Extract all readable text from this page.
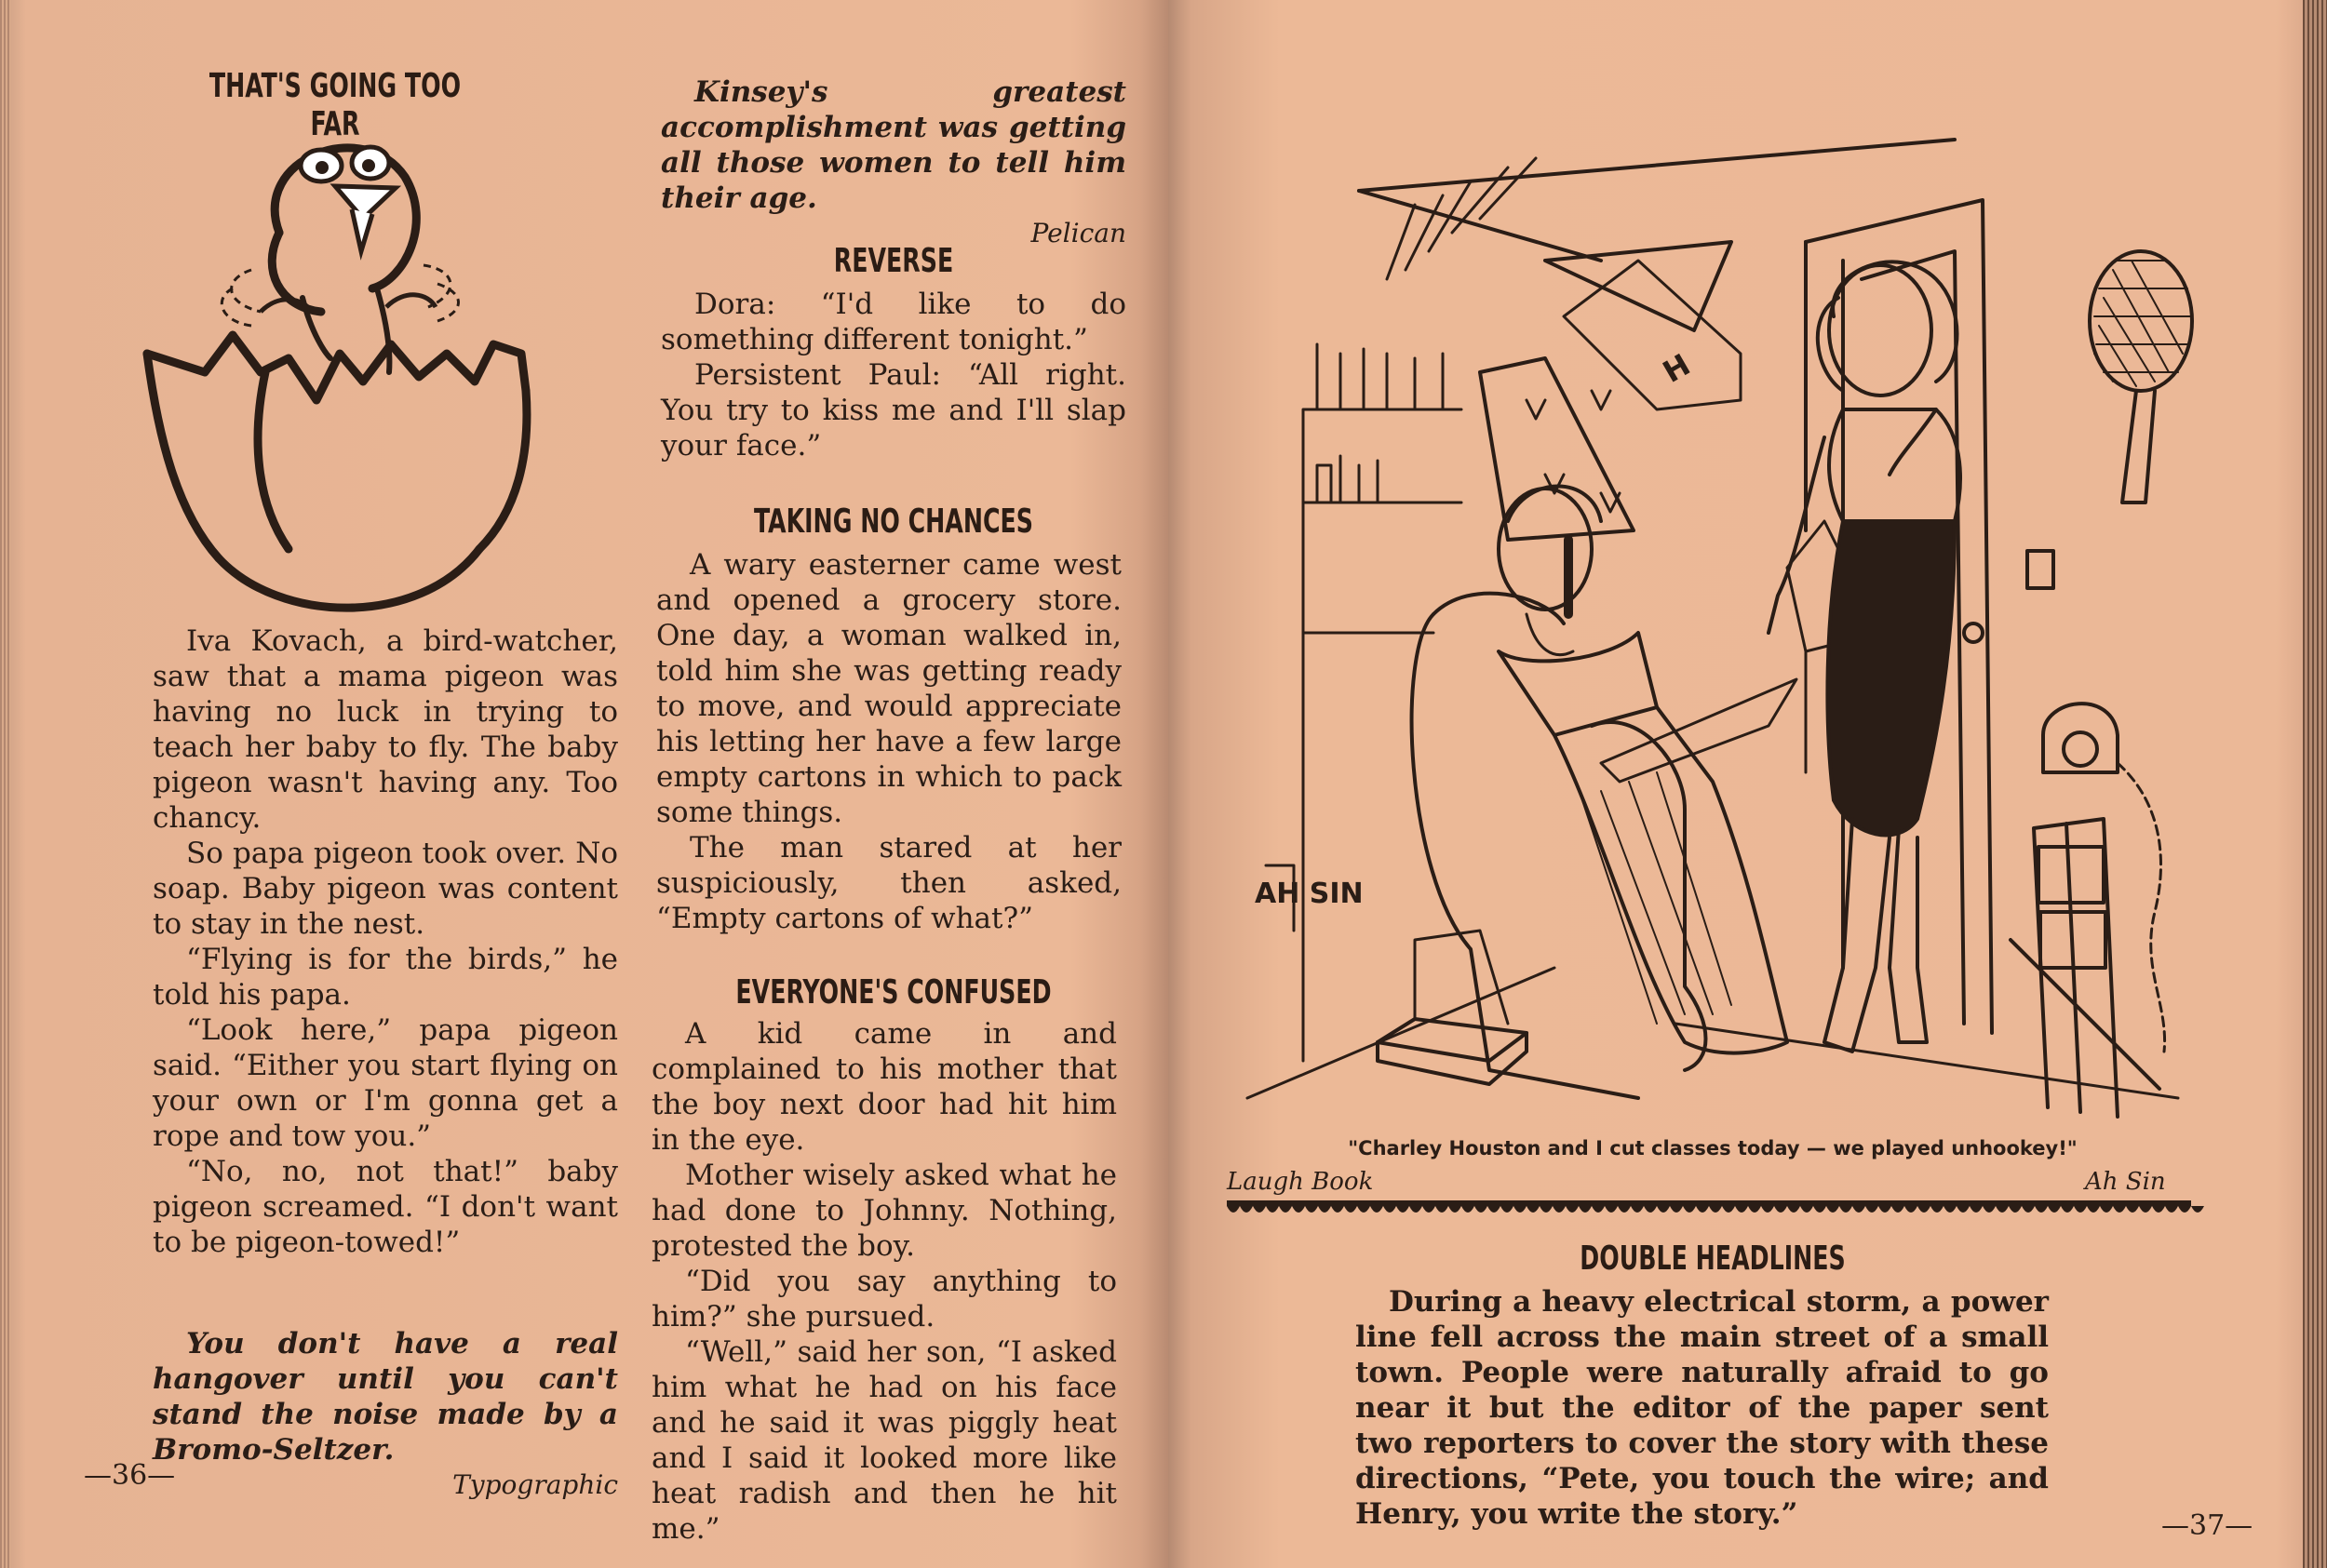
THAT'S GOING TOO FAR

Iva Kovach, a bird-watcher, saw that a mama pigeon was having no luck in trying to teach her baby to fly. The baby pigeon wasn't having any. Too chancy.

So papa pigeon took over. No soap. Baby pigeon was content to stay in the nest.

“Flying is for the birds,” he told his papa.

“Look here,” papa pigeon said. “Either you start flying on your own or I'm gonna get a rope and tow you.”

“No, no, not that!” baby pigeon screamed. “I don't want to be pigeon-towed!”

You don't have a real hangover until you can't stand the noise made by a Bromo-Seltzer.

Typographic
—36—

Kinsey's greatest accomplishment was getting all those women to tell him their age.

Pelican
REVERSE

Dora: “I'd like to do something different tonight.”

Persistent Paul: “All right. You try to kiss me and I'll slap your face.”

TAKING NO CHANCES

A wary easterner came west and opened a grocery store. One day, a woman walked in, told him she was getting ready to move, and would appreciate his letting her have a few large empty cartons in which to pack some things.

The man stared at her suspiciously, then asked, “Empty cartons of what?”

EVERYONE'S CONFUSED

A kid came in and complained to his mother that the boy next door had hit him in the eye.

Mother wisely asked what he had done to Johnny. Nothing, protested the boy.

“Did you say anything to him?” she pursued.

“Well,” said her son, “I asked him what he had on his face and he said it was piggly heat and I said it looked more like heat radish and then he hit me.”

AH SIN
H
"Charley Houston and I cut classes today — we played unhookey!"
Laugh Book	Ah Sin
DOUBLE HEADLINES

During a heavy electrical storm, a power line fell across the main street of a small town. People were naturally afraid to go near it but the editor of the paper sent two reporters to cover the story with these directions, “Pete, you touch the wire; and Henry, you write the story.”	—37—
